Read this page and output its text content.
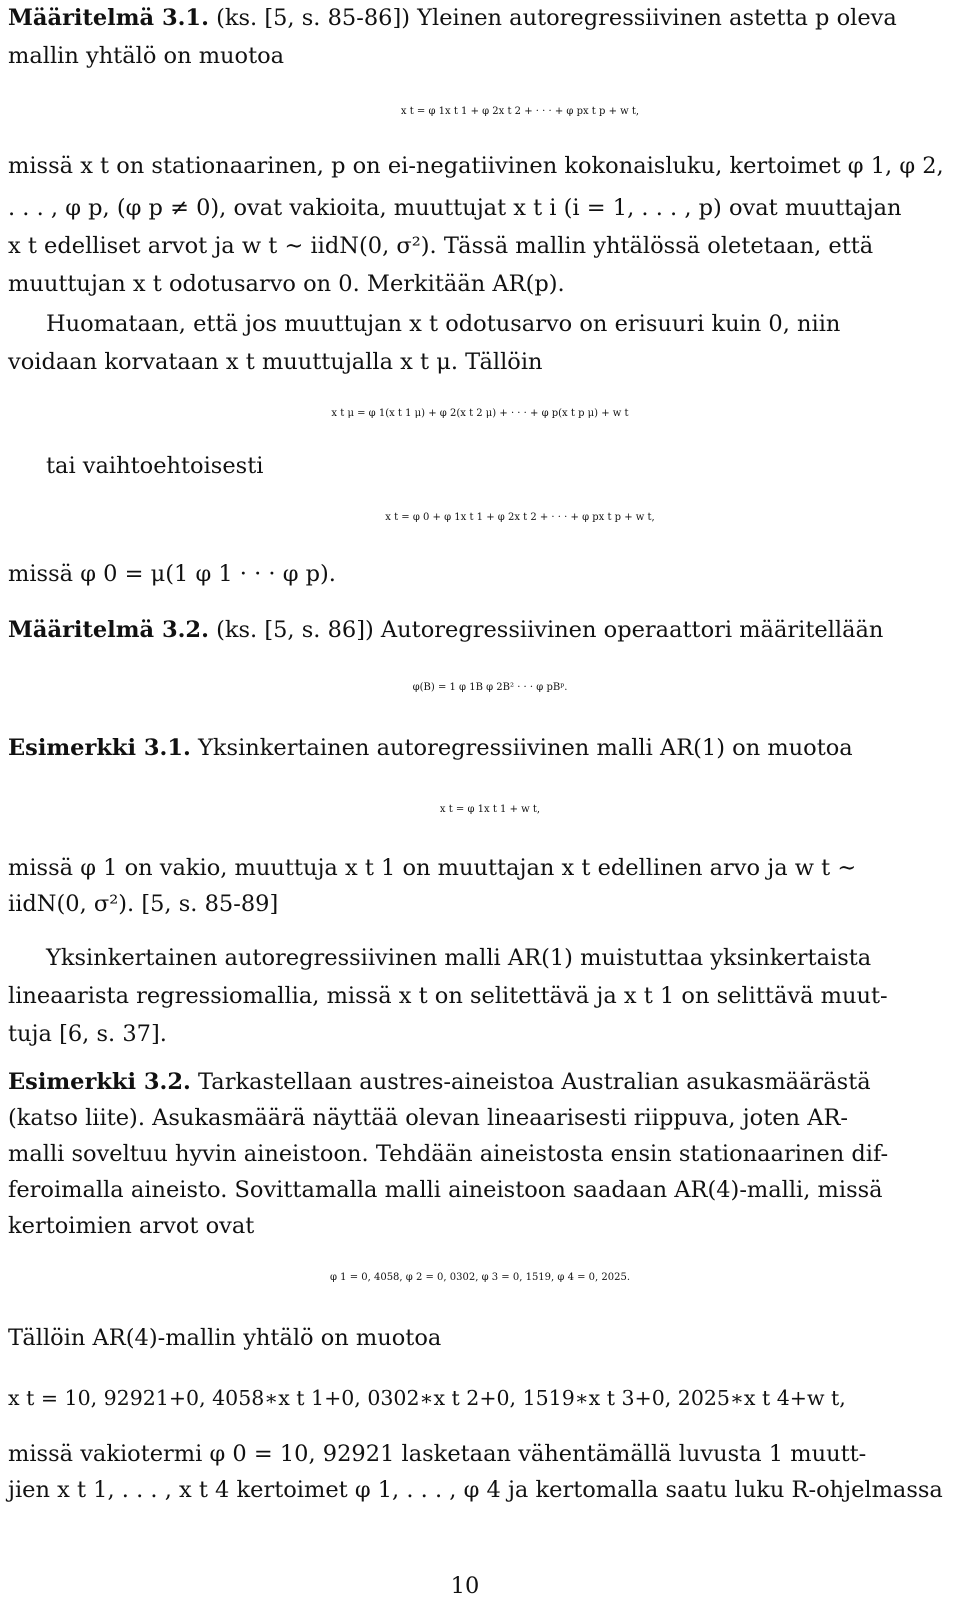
Määritelmä 3.1. (ks. [5, s. 85-86]) Yleinen autoregressiivinen astetta p oleva
mallin yhtälö on muotoa
x t = φ 1x t 1 + φ 2x t 2 + · · · + φ px t p + w t,
missä x t on stationaarinen, p on ei-negatiivinen kokonaisluku, kertoimet φ 1, φ 2,
. . . , φ p, (φ p ≠ 0), ovat vakioita, muuttujat x t i (i = 1, . . . , p) ovat muuttajan
x t edelliset arvot ja w t ∼ iidN(0, σ²). Tässä mallin yhtälössä oletetaan, että
muuttujan x t odotusarvo on 0. Merkitään AR(p).
Huomataan, että jos muuttujan x t odotusarvo on erisuuri kuin 0, niin
voidaan korvataan x t muuttujalla x t μ. Tällöin
x t μ = φ 1(x t 1 μ) + φ 2(x t 2 μ) + · · · + φ p(x t p μ) + w t
tai vaihtoehtoisesti
x t = φ 0 + φ 1x t 1 + φ 2x t 2 + · · · + φ px t p + w t,
missä φ 0 = μ(1 φ 1 · · · φ p).
Määritelmä 3.2. (ks. [5, s. 86]) Autoregressiivinen operaattori määritellään
φ(B) = 1 φ 1B φ 2B² · · · φ pBᵖ.
Esimerkki 3.1. Yksinkertainen autoregressiivinen malli AR(1) on muotoa
x t = φ 1x t 1 + w t,
missä φ 1 on vakio, muuttuja x t 1 on muuttajan x t edellinen arvo ja w t ∼
iidN(0, σ²). [5, s. 85-89]
Yksinkertainen autoregressiivinen malli AR(1) muistuttaa yksinkertaista
lineaarista regressiomallia, missä x t on selitettävä ja x t 1 on selittävä muut-
tuja [6, s. 37].
Esimerkki 3.2. Tarkastellaan austres-aineistoa Australian asukasmäärästä
(katso liite). Asukasmäärä näyttää olevan lineaarisesti riippuva, joten AR-
malli soveltuu hyvin aineistoon. Tehdään aineistosta ensin stationaarinen dif-
feroimalla aineisto. Sovittamalla malli aineistoon saadaan AR(4)-malli, missä
kertoimien arvot ovat
φ 1 = 0, 4058, φ 2 = 0, 0302, φ 3 = 0, 1519, φ 4 = 0, 2025.
Tällöin AR(4)-mallin yhtälö on muotoa
x t = 10, 92921+0, 4058∗x t 1+0, 0302∗x t 2+0, 1519∗x t 3+0, 2025∗x t 4+w t,
missä vakiotermi φ 0 = 10, 92921 lasketaan vähentämällä luvusta 1 muutt-
jien x t 1, . . . , x t 4 kertoimet φ 1, . . . , φ 4 ja kertomalla saatu luku R-ohjelmassa
10
